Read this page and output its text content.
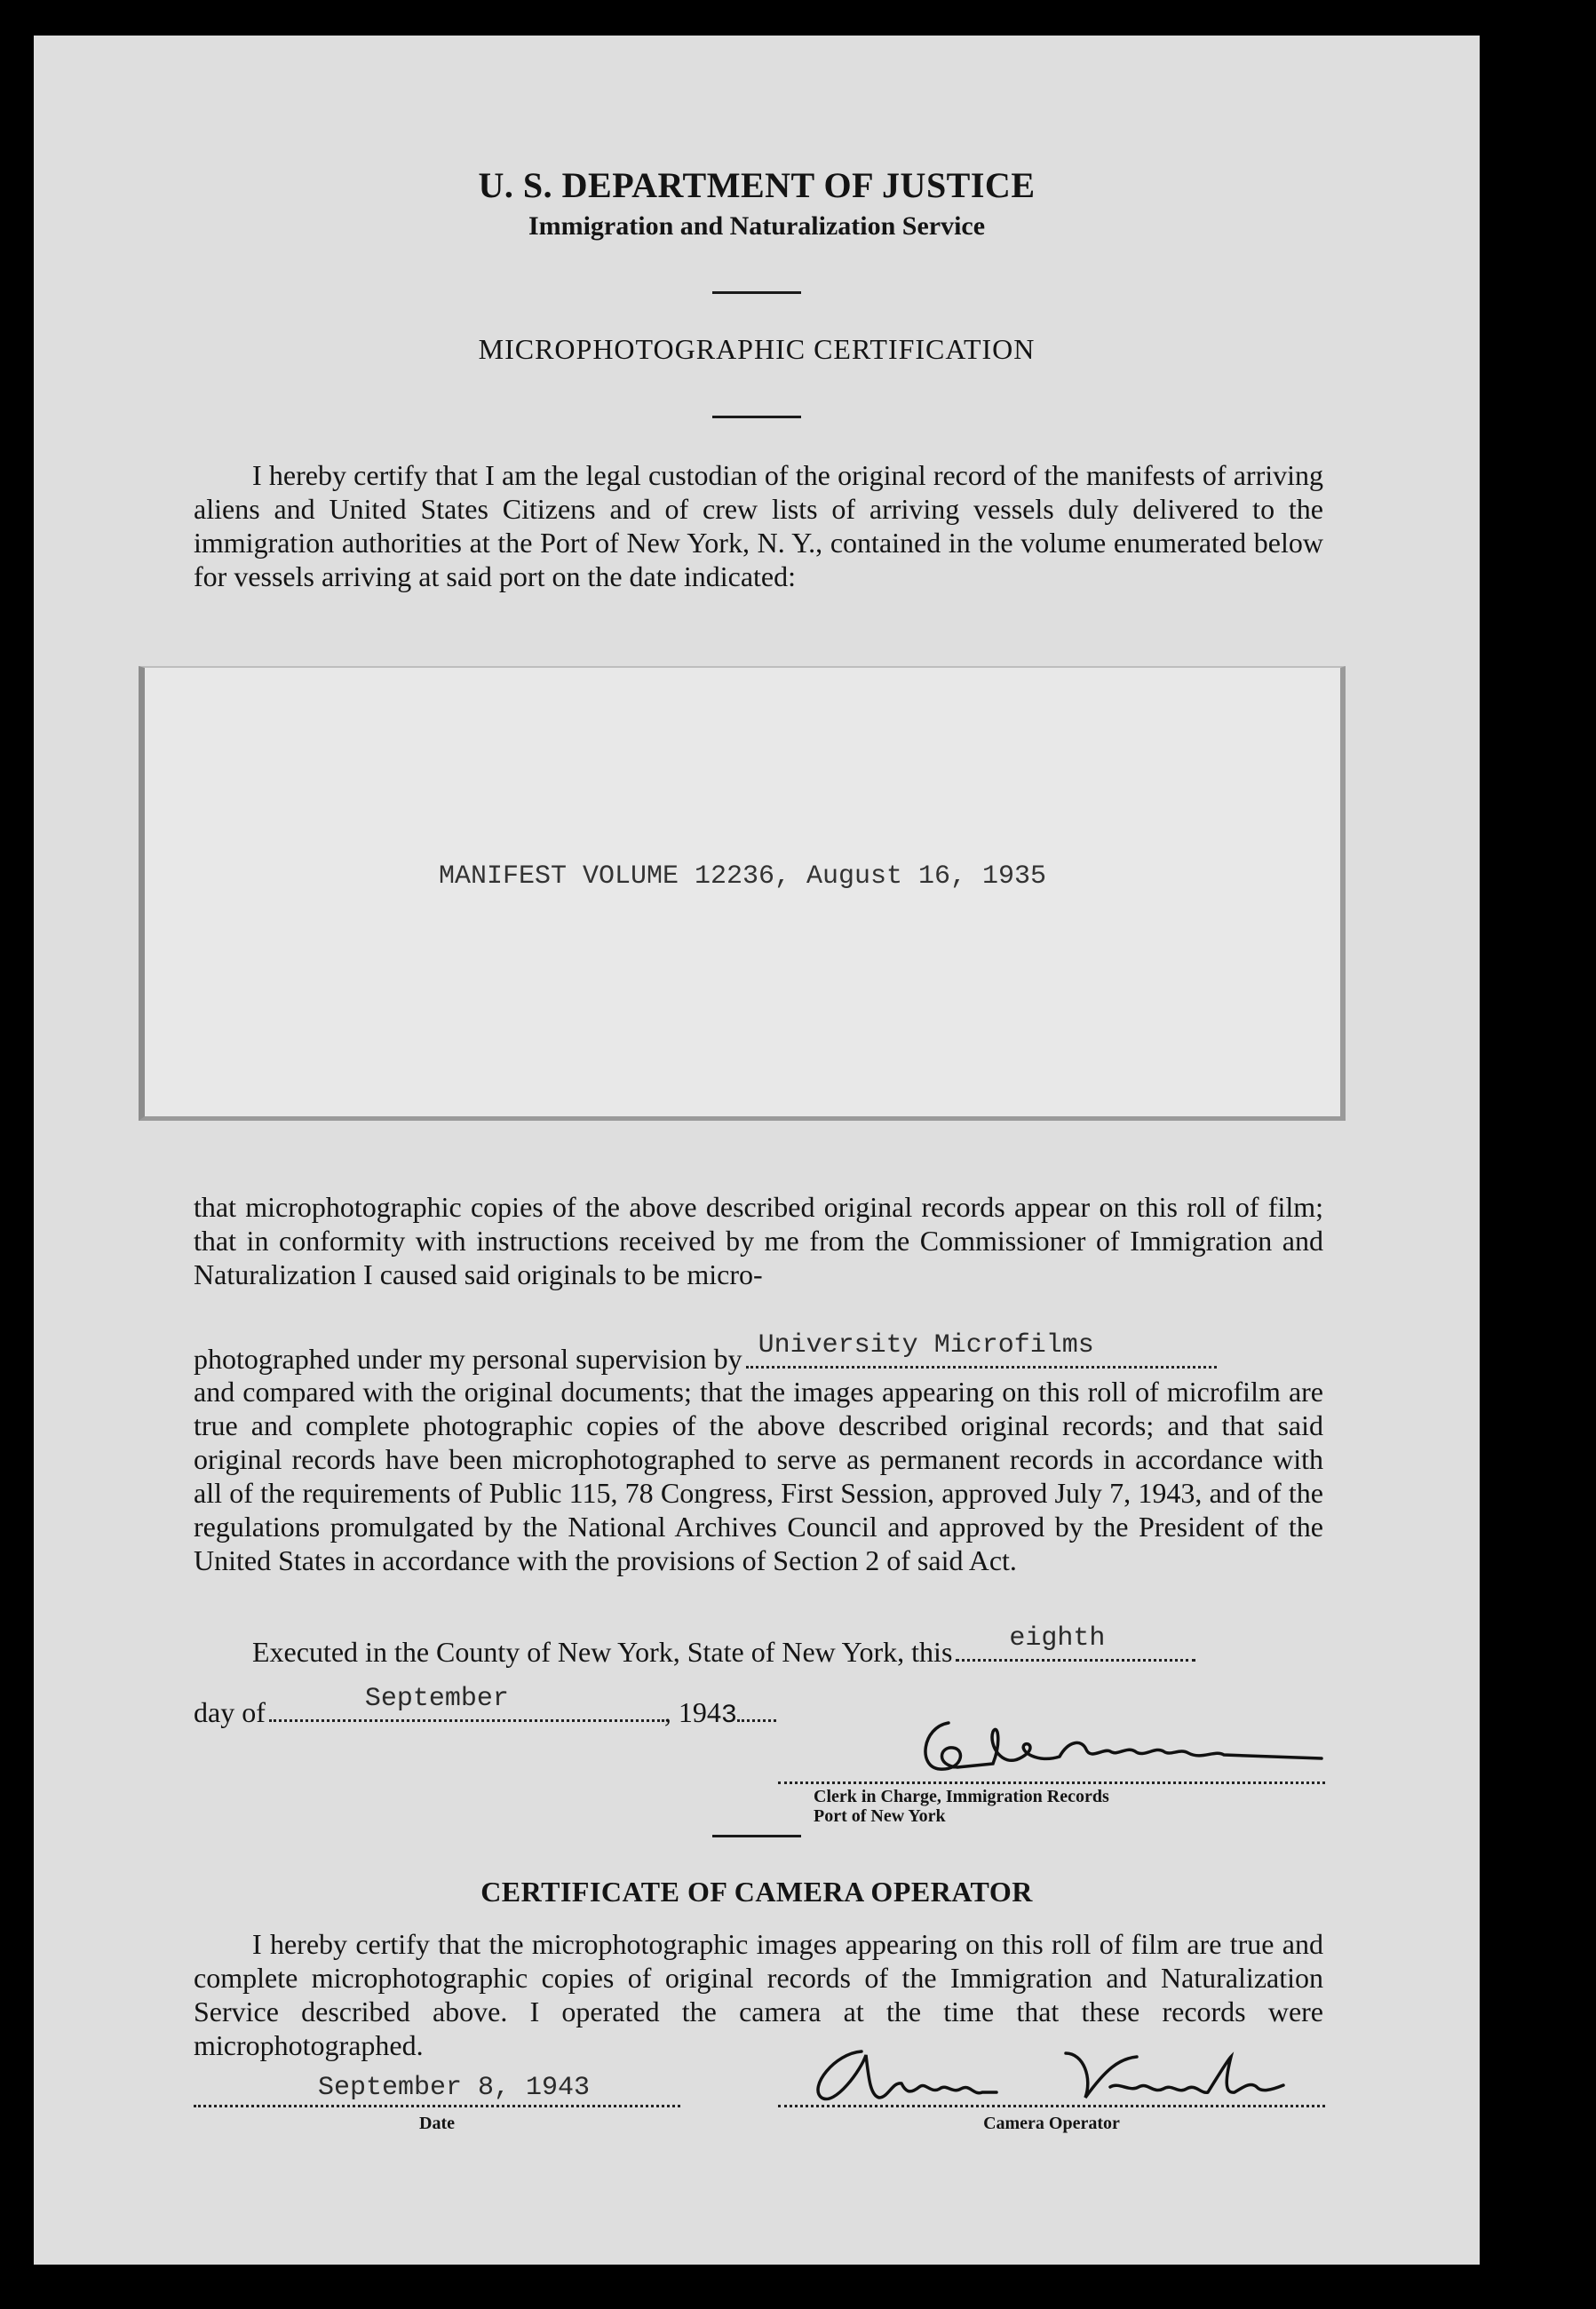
U. S. DEPARTMENT OF JUSTICE
Immigration and Naturalization Service
MICROPHOTOGRAPHIC CERTIFICATION
I hereby certify that I am the legal custodian of the original record of the manifests of arriving aliens and United States Citizens and of crew lists of arriving vessels duly delivered to the immigration authorities at the Port of New York, N. Y., contained in the volume enumerated below for vessels arriving at said port on the date indicated:
MANIFEST VOLUME 12236, August 16, 1935
that microphotographic copies of the above described original records appear on this roll of film; that in conformity with instructions received by me from the Commissioner of Immigration and Naturalization I caused said originals to be micro-
photographed under my personal supervision by University Microfilms
and compared with the original documents; that the images appearing on this roll of microfilm are true and complete photographic copies of the above described original records; and that said original records have been microphotographed to serve as permanent records in accordance with all of the requirements of Public 115, 78 Congress, First Session, approved July 7, 1943, and of the regulations promulgated by the National Archives Council and approved by the President of the United States in accordance with the provisions of Section 2 of said Act.
Executed in the County of New York, State of New York, this eighth
day of	September	, 1943
Clerk in Charge, Immigration Records
Port of New York
CERTIFICATE OF CAMERA OPERATOR
I hereby certify that the microphotographic images appearing on this roll of film are true and complete microphotographic copies of original records of the Immigration and Naturalization Service described above. I operated the camera at the time that these records were microphotographed.
September 8, 1943
Date	Camera Operator
